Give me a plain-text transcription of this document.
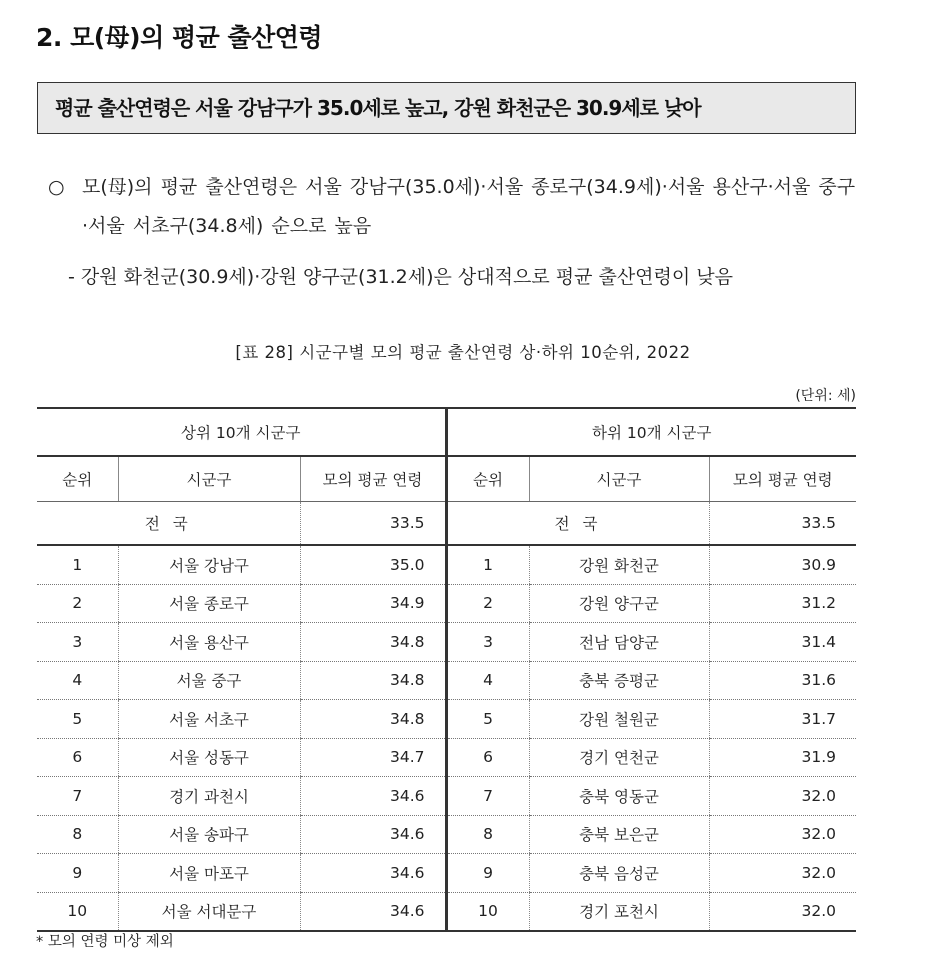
2. 모(母)의 평균 출산연령
평균 출산연령은 서울 강남구가 35.0세로 높고, 강원 화천군은 30.9세로 낮아
○ 모(母)의 평균 출산연령은 서울 강남구(35.0세)·서울 종로구(34.9세)·서울 용산구·서울 중구·서울 서초구(34.8세) 순으로 높음
- 강원 화천군(30.9세)·강원 양구군(31.2세)은 상대적으로 평균 출산연령이 낮음
[표 28] 시군구별 모의 평균 출산연령 상·하위 10순위, 2022
(단위: 세)
상위 10개 시군구			하위 10개 시군구		
순위	시군구	모의 평균 연령	순위	시군구	모의 평균 연령
전 국		33.5	전 국		33.5
1	서울 강남구	35.0	1	강원 화천군	30.9
2	서울 종로구	34.9	2	강원 양구군	31.2
3	서울 용산구	34.8	3	전남 담양군	31.4
4	서울 중구	34.8	4	충북 증평군	31.6
5	서울 서초구	34.8	5	강원 철원군	31.7
6	서울 성동구	34.7	6	경기 연천군	31.9
7	경기 과천시	34.6	7	충북 영동군	32.0
8	서울 송파구	34.6	8	충북 보은군	32.0
9	서울 마포구	34.6	9	충북 음성군	32.0
10	서울 서대문구	34.6	10	경기 포천시	32.0
* 모의 연령 미상 제외
